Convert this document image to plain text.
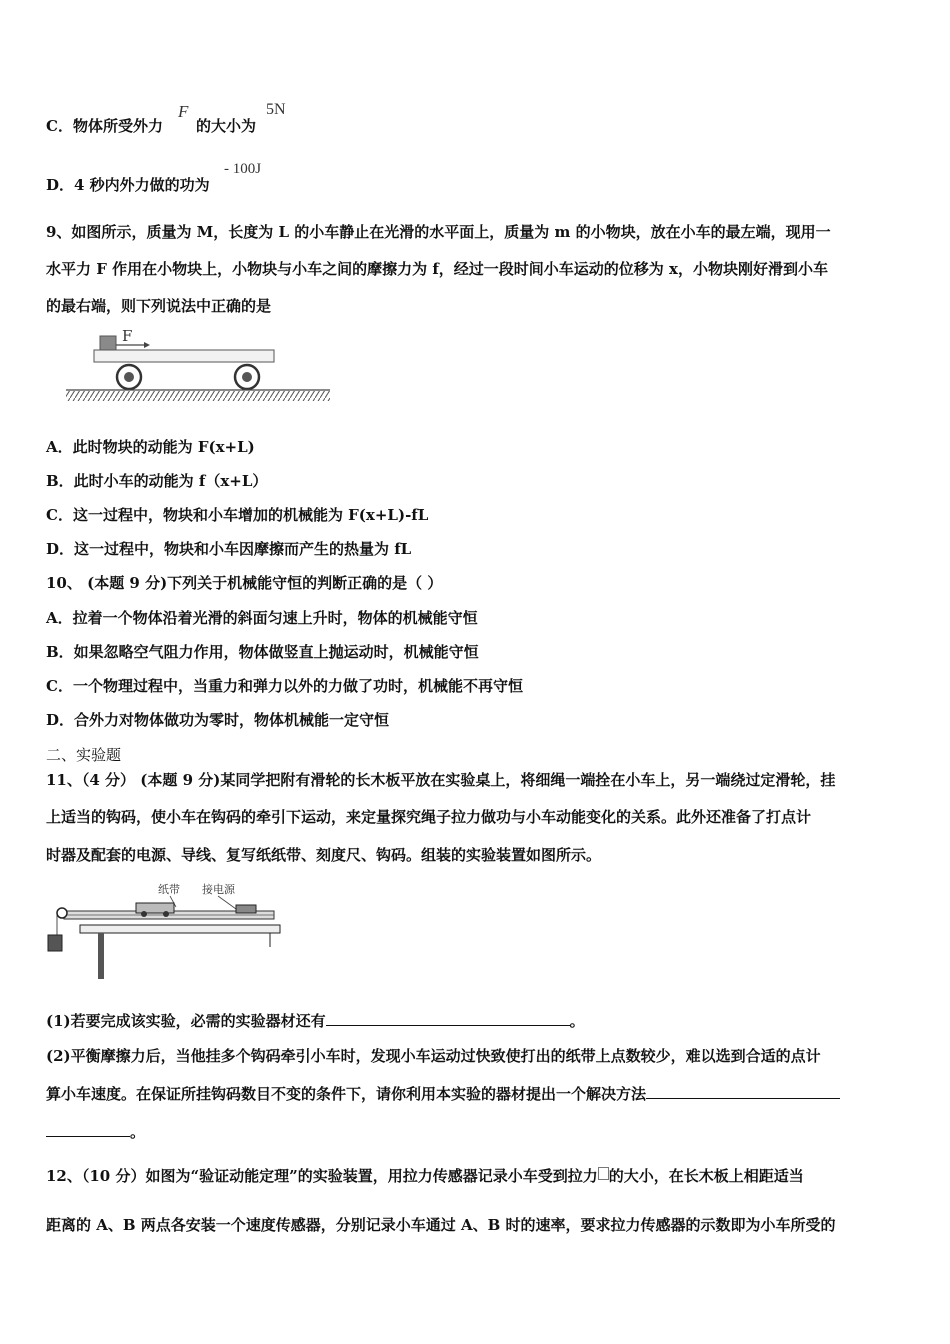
C．物体所受外力
F
的大小为
5N
D．4 秒内外力做的功为
- 100J
9、如图所示，质量为 M，长度为 L 的小车静止在光滑的水平面上，质量为 m 的小物块，放在小车的最左端，现用一
水平力 F 作用在小物块上，小物块与小车之间的摩擦力为 f，经过一段时间小车运动的位移为 x，小物块刚好滑到小车
的最右端，则下列说法中正确的是
F
A．此时物块的动能为 F(x+L)
B．此时小车的动能为 f（x+L）
C．这一过程中，物块和小车增加的机械能为 F(x+L)-fL
D．这一过程中，物块和小车因摩擦而产生的热量为 fL
10、 (本题 9 分)下列关于机械能守恒的判断正确的是（ ）
A．拉着一个物体沿着光滑的斜面匀速上升时，物体的机械能守恒
B．如果忽略空气阻力作用，物体做竖直上抛运动时，机械能守恒
C．一个物理过程中，当重力和弹力以外的力做了功时，机械能不再守恒
D．合外力对物体做功为零时，物体机械能一定守恒
二、实验题
11、（4 分） (本题 9 分)某同学把附有滑轮的长木板平放在实验桌上，将细绳一端拴在小车上，另一端绕过定滑轮，挂
上适当的钩码，使小车在钩码的牵引下运动，来定量探究绳子拉力做功与小车动能变化的关系。此外还准备了打点计
时器及配套的电源、导线、复写纸纸带、刻度尺、钩码。组装的实验装置如图所示。
纸带 接电源
(1)若要完成该实验，必需的实验器材还有	。
(2)平衡摩擦力后，当他挂多个钩码牵引小车时，发现小车运动过快致使打出的纸带上点数较少，难以选到合适的点计
算小车速度。在保证所挂钩码数目不变的条件下，请你利用本实验的器材提出一个解决方法
。
12、（10 分）如图为“验证动能定理”的实验装置，用拉力传感器记录小车受到拉力 的大小，在长木板上相距适当
距离的 A、B 两点各安装一个速度传感器，分别记录小车通过 A、B 时的速率，要求拉力传感器的示数即为小车所受的
